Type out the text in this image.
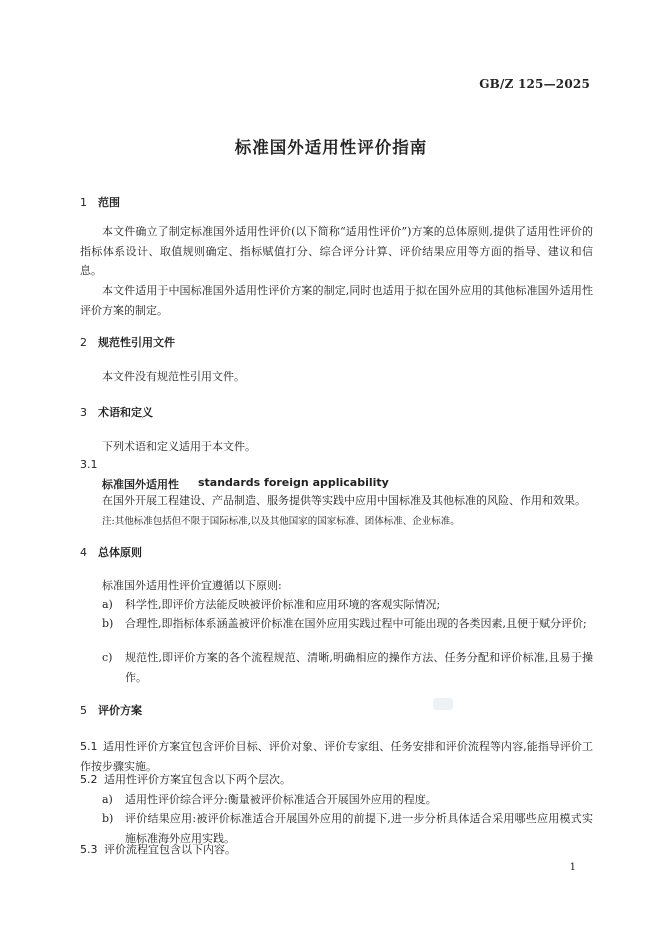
GB/Z 125—2025
标准国外适用性评价指南
1 范围
本文件确立了制定标准国外适用性评价(以下简称“适用性评价”)方案的总体原则,提供了适用性评价的指标体系设计、取值规则确定、指标赋值打分、综合评分计算、评价结果应用等方面的指导、建议和信息。
本文件适用于中国标准国外适用性评价方案的制定,同时也适用于拟在国外应用的其他标准国外适用性评价方案的制定。
2 规范性引用文件
本文件没有规范性引用文件。
3 术语和定义
下列术语和定义适用于本文件。
3.1
标准国外适用性 standards foreign applicability
在国外开展工程建设、产品制造、服务提供等实践中应用中国标准及其他标准的风险、作用和效果。
注:其他标准包括但不限于国际标准,以及其他国家的国家标准、团体标准、企业标准。
4 总体原则
标准国外适用性评价宜遵循以下原则:
a) 科学性,即评价方法能反映被评价标准和应用环境的客观实际情况;
b) 合理性,即指标体系涵盖被评价标准在国外应用实践过程中可能出现的各类因素,且便于赋分评价;
c) 规范性,即评价方案的各个流程规范、清晰,明确相应的操作方法、任务分配和评价标准,且易于操作。
5 评价方案
5.1 适用性评价方案宜包含评价目标、评价对象、评价专家组、任务安排和评价流程等内容,能指导评价工作按步骤实施。
5.2 适用性评价方案宜包含以下两个层次。
a) 适用性评价综合评分:衡量被评价标准适合开展国外应用的程度。
b) 评价结果应用:被评价标准适合开展国外应用的前提下,进一步分析具体适合采用哪些应用模式实施标准海外应用实践。
5.3 评价流程宜包含以下内容。
1
